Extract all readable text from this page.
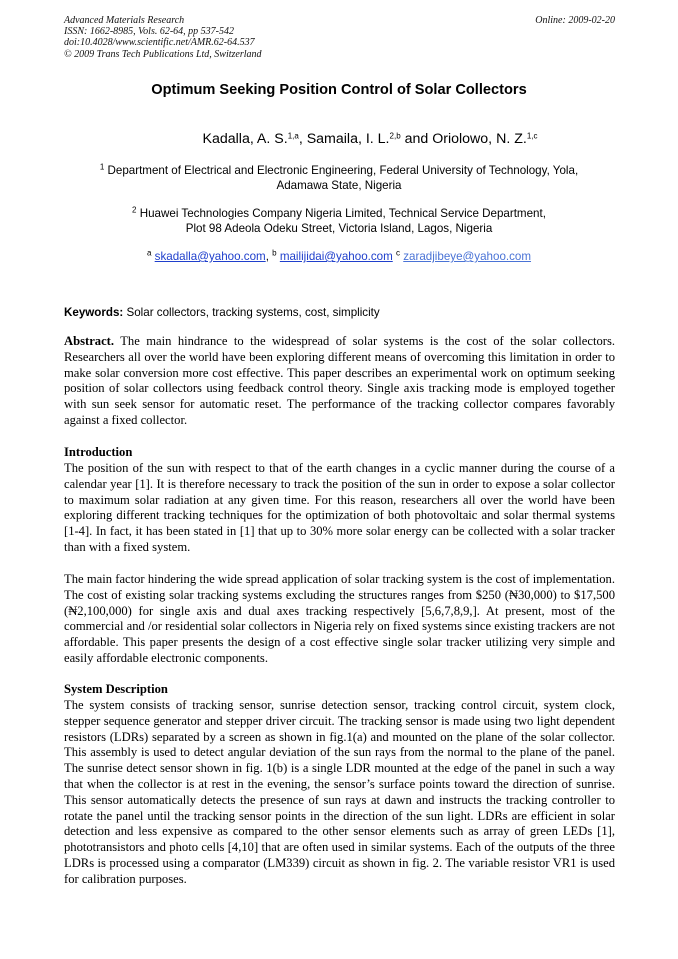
Advanced Materials Research
ISSN: 1662-8985, Vols. 62-64, pp 537-542
doi:10.4028/www.scientific.net/AMR.62-64.537
© 2009 Trans Tech Publications Ltd, Switzerland
Online: 2009-02-20
Optimum Seeking Position Control of Solar Collectors
Kadalla, A. S.$^{1,a}$, Samaila, I. L.$^{2,b}$ and Oriolowo, N. Z.$^{1,c}$
$^1$ Department of Electrical and Electronic Engineering, Federal University of Technology, Yola,
Adamawa State, Nigeria
$^2$ Huawei Technologies Company Nigeria Limited, Technical Service Department,
Plot 98 Adeola Odeku Street, Victoria Island, Lagos, Nigeria
$^a$ skadalla@yahoo.com, $^b$ mailijidai@yahoo.com $^c$ zaradjibeye@yahoo.com
Keywords: Solar collectors, tracking systems, cost, simplicity

Abstract. The main hindrance to the widespread of solar systems is the cost of the solar collectors. Researchers all over the world have been exploring different means of overcoming this limitation in order to make solar conversion more cost effective. This paper describes an experimental work on optimum seeking position of solar collectors using feedback control theory. Single axis tracking mode is employed together with sun seek sensor for automatic reset. The performance of the tracking collector compares favorably against a fixed collector.

Introduction

The position of the sun with respect to that of the earth changes in a cyclic manner during the course of a calendar year [1]. It is therefore necessary to track the position of the sun in order to expose a solar collector to maximum solar radiation at any given time. For this reason, researchers all over the world have been exploring different tracking techniques for the optimization of both photovoltaic and solar thermal systems [1-4]. In fact, it has been stated in [1] that up to 30% more solar energy can be collected with a solar tracker than with a fixed system.

The main factor hindering the wide spread application of solar tracking system is the cost of implementation. The cost of existing solar tracking systems excluding the structures ranges from $250 (₦30,000) to $17,500 (₦2,100,000) for single axis and dual axes tracking respectively [5,6,7,8,9,]. At present, most of the commercial and /or residential solar collectors in Nigeria rely on fixed systems since existing trackers are not affordable. This paper presents the design of a cost effective single solar tracker utilizing very simple and easily affordable electronic components.

System Description

The system consists of tracking sensor, sunrise detection sensor, tracking control circuit, system clock, stepper sequence generator and stepper driver circuit. The tracking sensor is made using two light dependent resistors (LDRs) separated by a screen as shown in fig.1(a) and mounted on the plane of the solar collector. This assembly is used to detect angular deviation of the sun rays from the normal to the plane of the panel. The sunrise detect sensor shown in fig. 1(b) is a single LDR mounted at the edge of the panel in such a way that when the collector is at rest in the evening, the sensor’s surface points toward the direction of sunrise. This sensor automatically detects the presence of sun rays at dawn and instructs the tracking controller to rotate the panel until the tracking sensor points in the direction of the sun light. LDRs are efficient in solar detection and less expensive as compared to the other sensor elements such as array of green LEDs [1], phototransistors and photo cells [4,10] that are often used in similar systems. Each of the outputs of the three LDRs is processed using a comparator (LM339) circuit as shown in fig. 2. The variable resistor VR1 is used for calibration purposes.
